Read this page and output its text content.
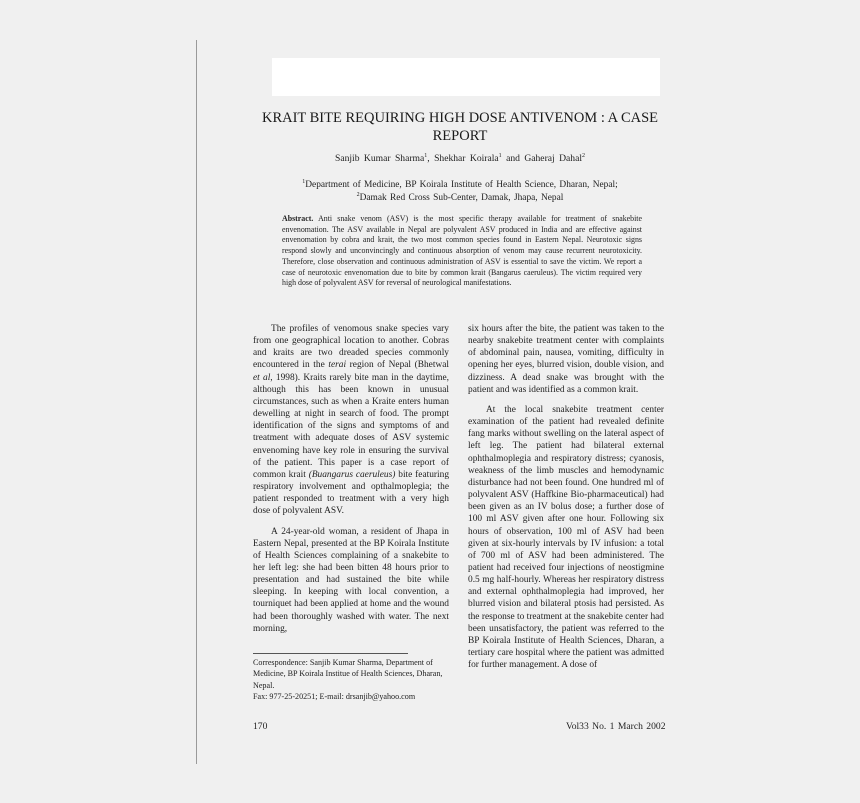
KRAIT BITE REQUIRING HIGH DOSE ANTIVENOM : A CASE REPORT
Sanjib Kumar Sharma$^1$, Shekhar Koirala$^1$ and Gaheraj Dahal$^2$
$^1$Department of Medicine, BP Koirala Institute of Health Science, Dharan, Nepal;
$^2$Damak Red Cross Sub-Center, Damak, Jhapa, Nepal
Abstract. Anti snake venom (ASV) is the most specific therapy available for treatment of snakebite envenomation. The ASV available in Nepal are polyvalent ASV produced in India and are effective against envenomation by cobra and krait, the two most common species found in Eastern Nepal. Neurotoxic signs respond slowly and unconvincingly and continuous absorption of venom may cause recurrent neurotoxicity. Therefore, close observation and continuous administration of ASV is essential to save the victim. We report a case of neurotoxic envenomation due to bite by common krait (Bangarus caeruleus). The victim required very high dose of polyvalent ASV for reversal of neurological manifestations.

The profiles of venomous snake species vary from one geographical location to another. Cobras and kraits are two dreaded species commonly encountered in the terai region of Nepal (Bhetwal et al, 1998). Kraits rarely bite man in the daytime, although this has been known in unusual circumstances, such as when a Kraite enters human dewelling at night in search of food. The prompt identification of the signs and symptoms of and treatment with adequate doses of ASV systemic envenoming have key role in ensuring the survival of the patient. This paper is a case report of common krait (Buangarus caeruleus) bite featuring respiratory involvement and opthalmoplegia; the patient responded to treatment with a very high dose of polyvalent ASV.

A 24-year-old woman, a resident of Jhapa in Eastern Nepal, presented at the BP Koirala Institute of Health Sciences complaining of a snakebite to her left leg: she had been bitten 48 hours prior to presentation and had sustained the bite while sleeping. In keeping with local convention, a tourniquet had been applied at home and the wound had been thoroughly washed with water. The next morning,

six hours after the bite, the patient was taken to the nearby snakebite treatment center with complaints of abdominal pain, nausea, vomiting, difficulty in opening her eyes, blurred vision, double vision, and dizziness. A dead snake was brought with the patient and was identified as a common krait.

At the local snakebite treatment center examination of the patient had revealed definite fang marks without swelling on the lateral aspect of left leg. The patient had bilateral external ophthalmoplegia and respiratory distress; cyanosis, weakness of the limb muscles and hemodynamic disturbance had not been found. One hundred ml of polyvalent ASV (Haffkine Bio-pharmaceutical) had been given as an IV bolus dose; a further dose of 100 ml ASV given after one hour. Following six hours of observation, 100 ml of ASV had been given at six-hourly intervals by IV infusion: a total of 700 ml of ASV had been administered. The patient had received four injections of neostigmine 0.5 mg half-hourly. Whereas her respiratory distress and external ophthalmoplegia had improved, her blurred vision and bilateral ptosis had persisted. As the response to treatment at the snakebite center had been unsatisfactory, the patient was referred to the BP Koirala Institute of Health Sciences, Dharan, a tertiary care hospital where the patient was admitted for further management. A dose of

Correspondence: Sanjib Kumar Sharma, Department of Medicine, BP Koirala Institue of Health Sciences, Dharan, Nepal.
Fax: 977-25-20251; E-mail: drsanjib@yahoo.com
170	Vol33 No. 1 March 2002
